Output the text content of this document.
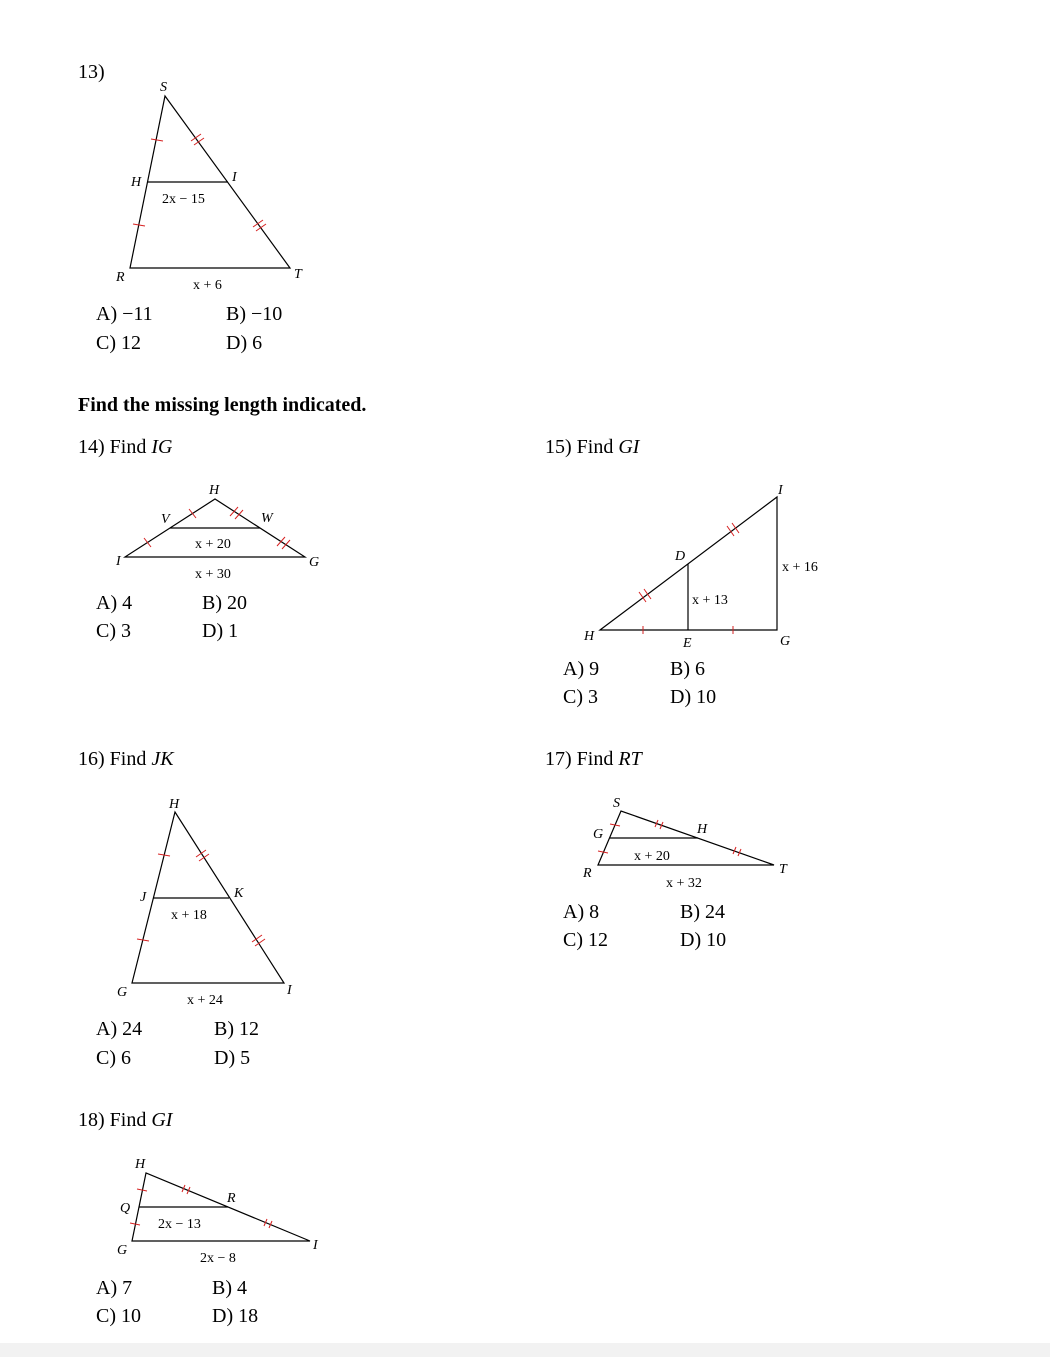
13)
S
H	I
R	T
2x − 15
x + 6
A) −11	B) −10
C) 12	D) 6
Find the missing length indicated.
14) Find IG
H
V	W
I	G
x + 20
x + 30
A) 4	B) 20
C) 3	D) 1
15) Find GI
I
D
H	E	G
x + 13
x + 16
A) 9	B) 6
C) 3	D) 10
16) Find JK
H
J	K
G	I
x + 18
x + 24
A) 24	B) 12
C) 6	D) 5
17) Find RT
S
G	H
R	T
x + 20
x + 32
A) 8	B) 24
C) 12	D) 10
18) Find GI
H
Q
R
G	I
2x − 13
2x − 8
A) 7	B) 4
C) 10	D) 18
